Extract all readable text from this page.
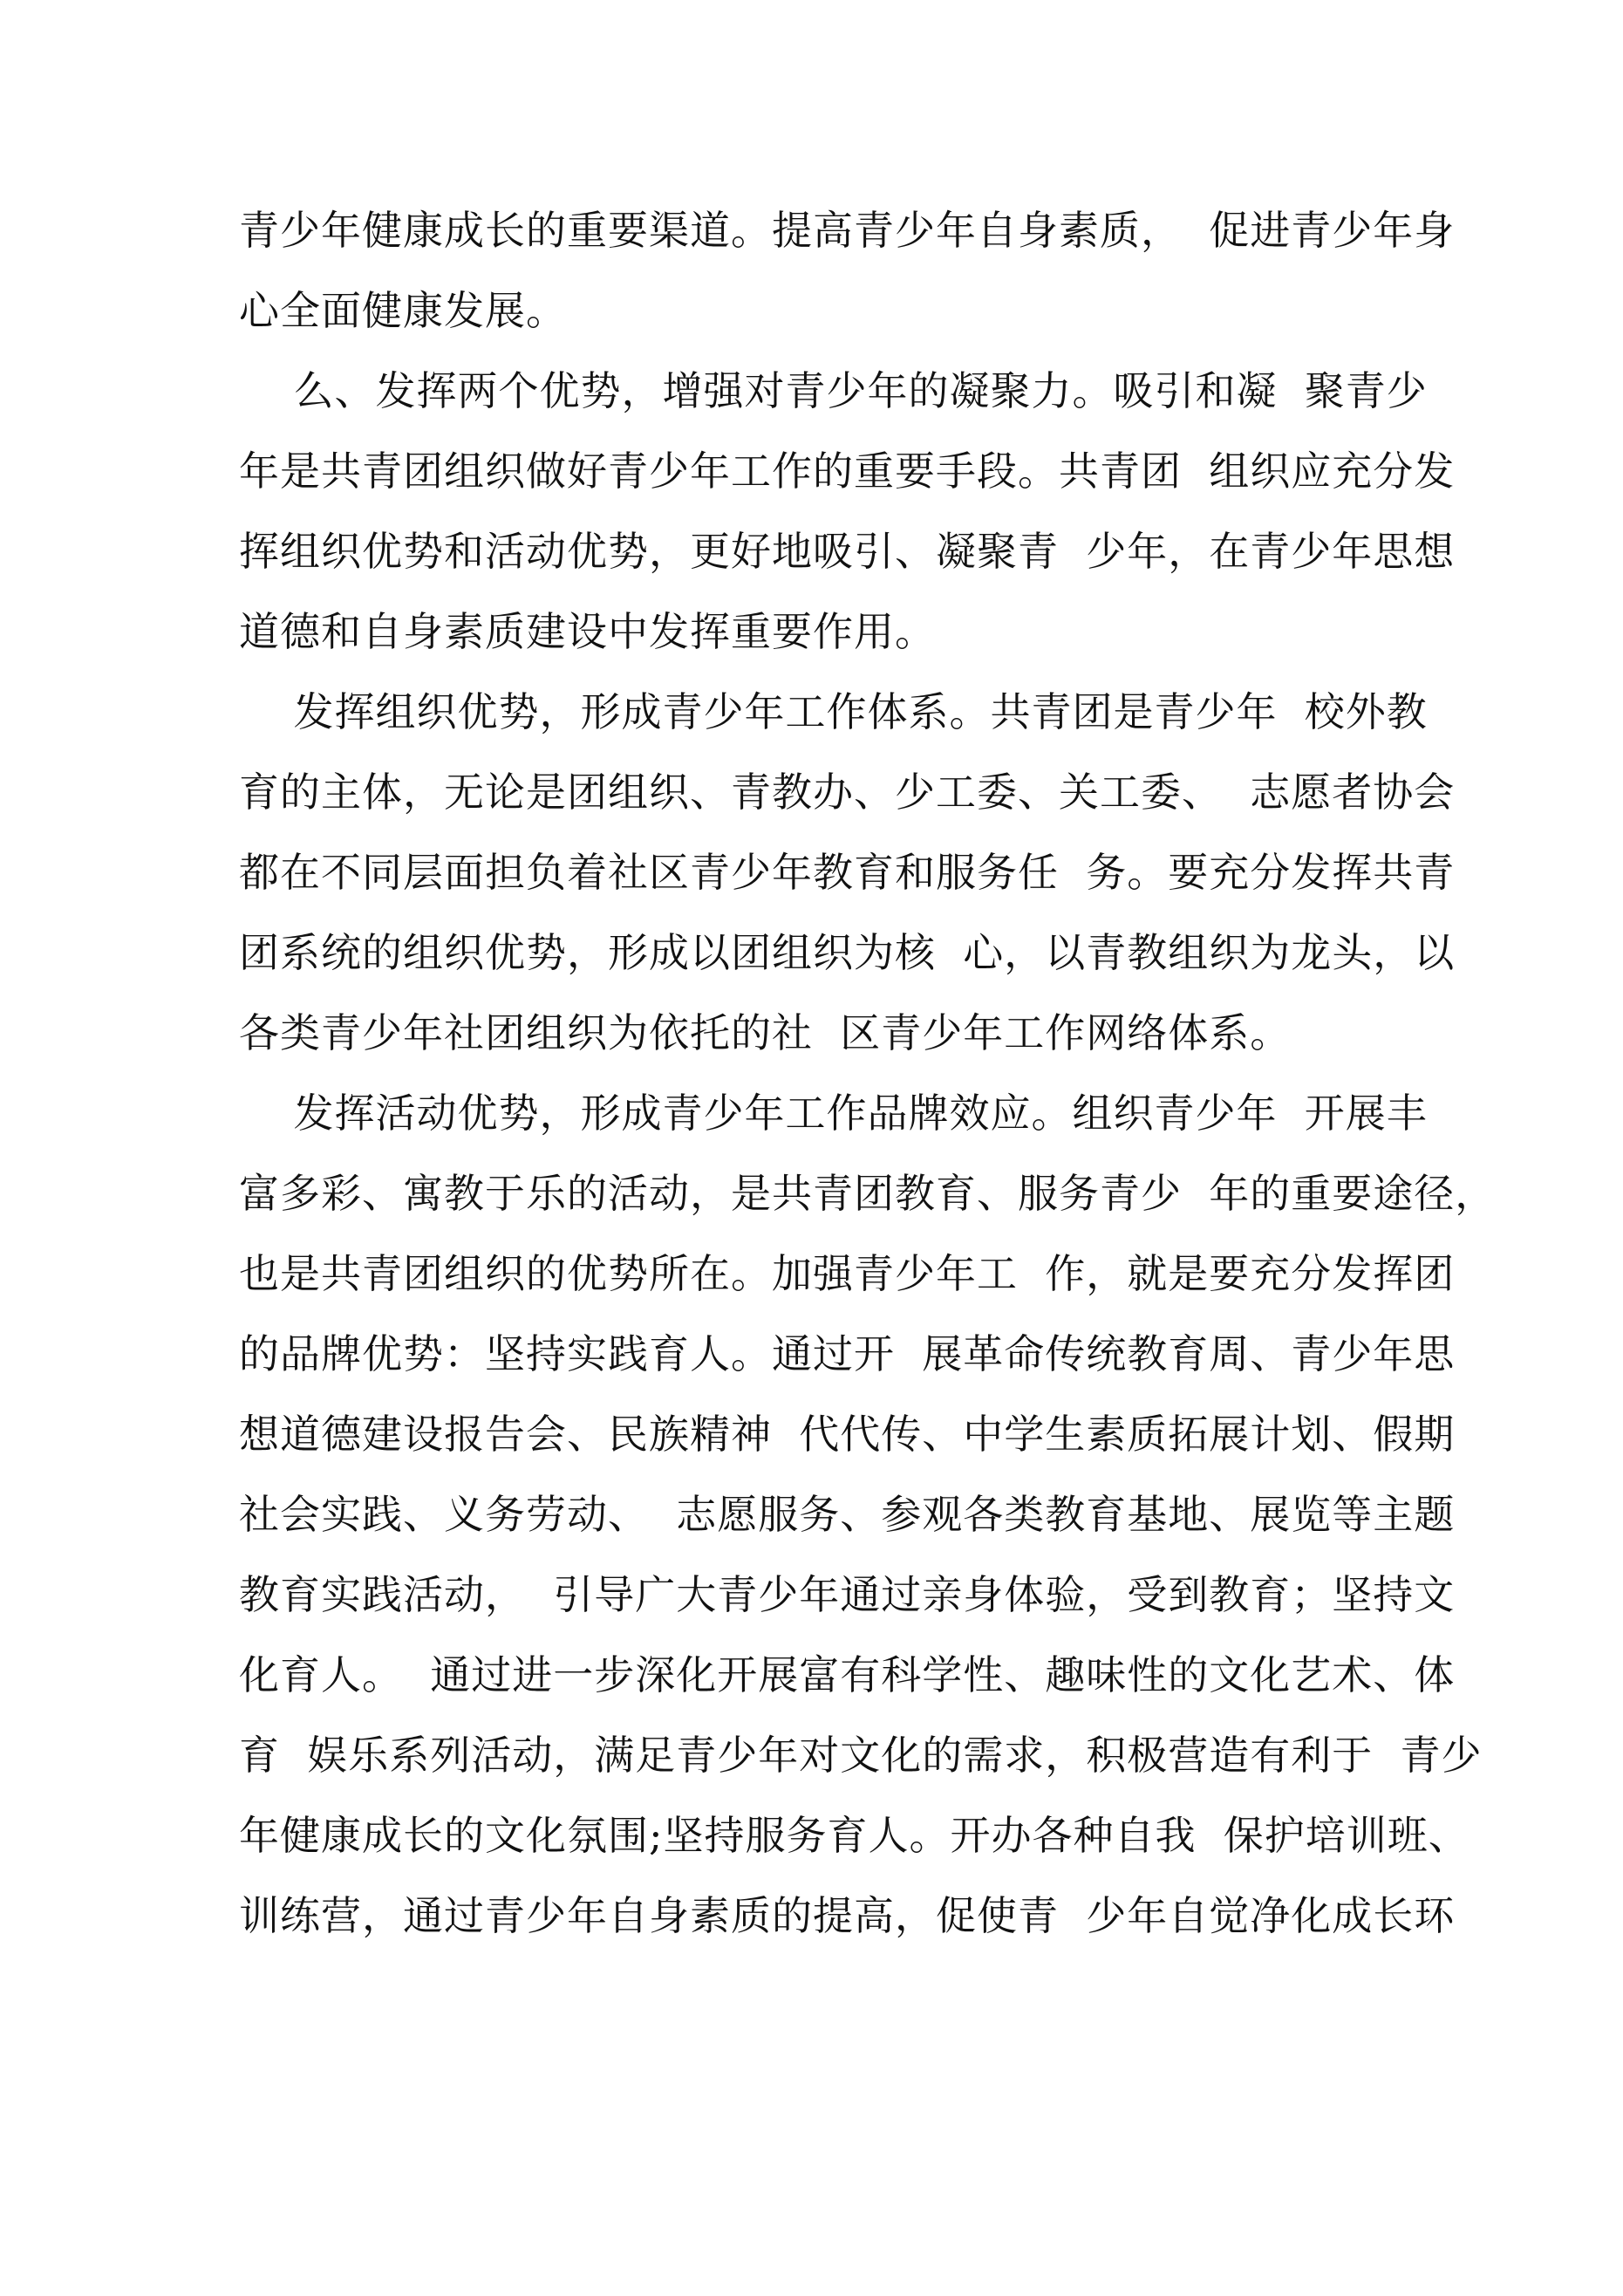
青少年健康成长的重要渠道。提高青少年自身素质，  促进青少年身
心全面健康发展。
么、发挥两个优势，增强对青少年的凝聚力。吸引和凝  聚青少
年是共青团组织做好青少年工作的重要手段。共青团  组织应充分发
挥组织优势和活动优势，更好地吸引、凝聚青  少年，在青少年思想
道德和自身素质建设中发挥重要作用。
发挥组织优势，形成青少年工作体系。共青团是青少年  校外教
育的主体，无论是团组织、青教办、少工委、关工委、  志愿者协会
都在不同层面担负着社区青少年教育和服务任  务。要充分发挥共青
团系统的组织优势，形成以团组织为核  心，以青教组织为龙头，以
各类青少年社团组织为依托的社  区青少年工作网络体系。
发挥活动优势，形成青少年工作品牌效应。组织青少年  开展丰
富多彩、寓教于乐的活动，是共青团教育、服务青少  年的重要途径，
也是共青团组织的优势所在。加强青少年工  作，就是要充分发挥团
的品牌优势：坚持实践育人。通过开  展革命传统教育周、青少年思
想道德建设报告会、民族精神  代代传、中学生素质拓展计划、假期
社会实践、义务劳动、  志愿服务、参观各类教育基地、展览等主题
教育实践活动，  引导广大青少年通过亲身体验，受到教育；坚持文
化育人。  通过进一步深化开展富有科学性、趣味性的文化艺术、体
育  娱乐系列活动，满足青少年对文化的需求，积极营造有利于  青少
年健康成长的文化氛围;坚持服务育人。开办各种自我  保护培训班、
训练营，通过青少年自身素质的提高，促使青  少年自觉净化成长环
